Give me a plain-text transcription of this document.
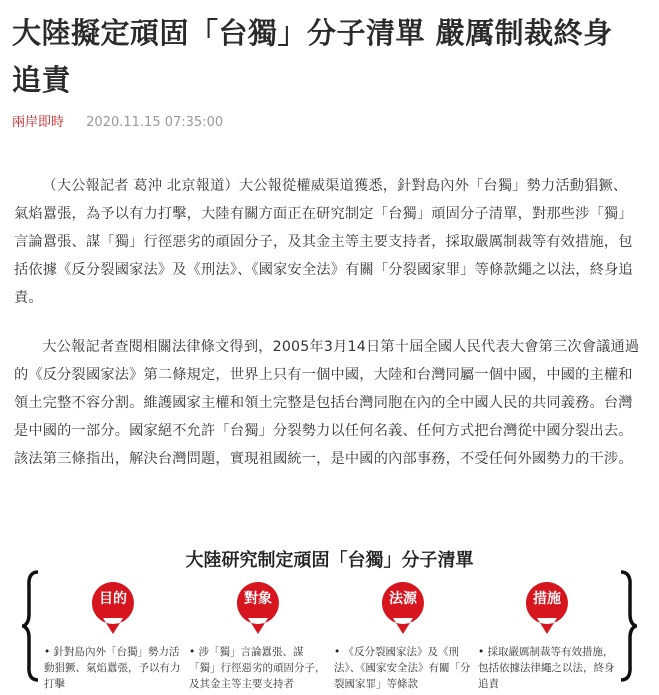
大陸擬定頑固「台獨」分子清單 嚴厲制裁終身追責
兩岸即時 2020.11.15 07:35:00

（大公報記者 葛沖 北京報道）大公報從權威渠道獲悉，針對島內外「台獨」勢力活動猖獗、氣焰囂張，為予以有力打擊，大陸有關方面正在研究制定「台獨」頑固分子清單，對那些涉「獨」言論囂張、謀「獨」行徑惡劣的頑固分子，及其金主等主要支持者，採取嚴厲制裁等有效措施，包括依據《反分裂國家法》及《刑法》、《國家安全法》有關「分裂國家罪」等條款繩之以法，終身追責。

大公報記者查閱相關法律條文得到，2005年3月14日第十屆全國人民代表大會第三次會議通過的《反分裂國家法》第二條規定，世界上只有一個中國，大陸和台灣同屬一個中國，中國的主權和領土完整不容分割。維護國家主權和領土完整是包括台灣同胞在內的全中國人民的共同義務。台灣是中國的一部分。國家絕不允許「台獨」分裂勢力以任何名義、任何方式把台灣從中國分裂出去。該法第三條指出，解決台灣問題，實現祖國統一，是中國的內部事務，不受任何外國勢力的干涉。

大陸研究制定頑固「台獨」分子清單
目的
• 針對島內外「台獨」勢力活動猖獗、氣焰囂張，予以有力打擊
對象
• 涉「獨」言論囂張、謀「獨」行徑惡劣的頑固分子，及其金主等主要支持者
法源
• 《反分裂國家法》及《刑法》、《國家安全法》有關「分裂國家罪」等條款
措施
• 採取嚴厲制裁等有效措施，包括依據法律繩之以法，終身追責
